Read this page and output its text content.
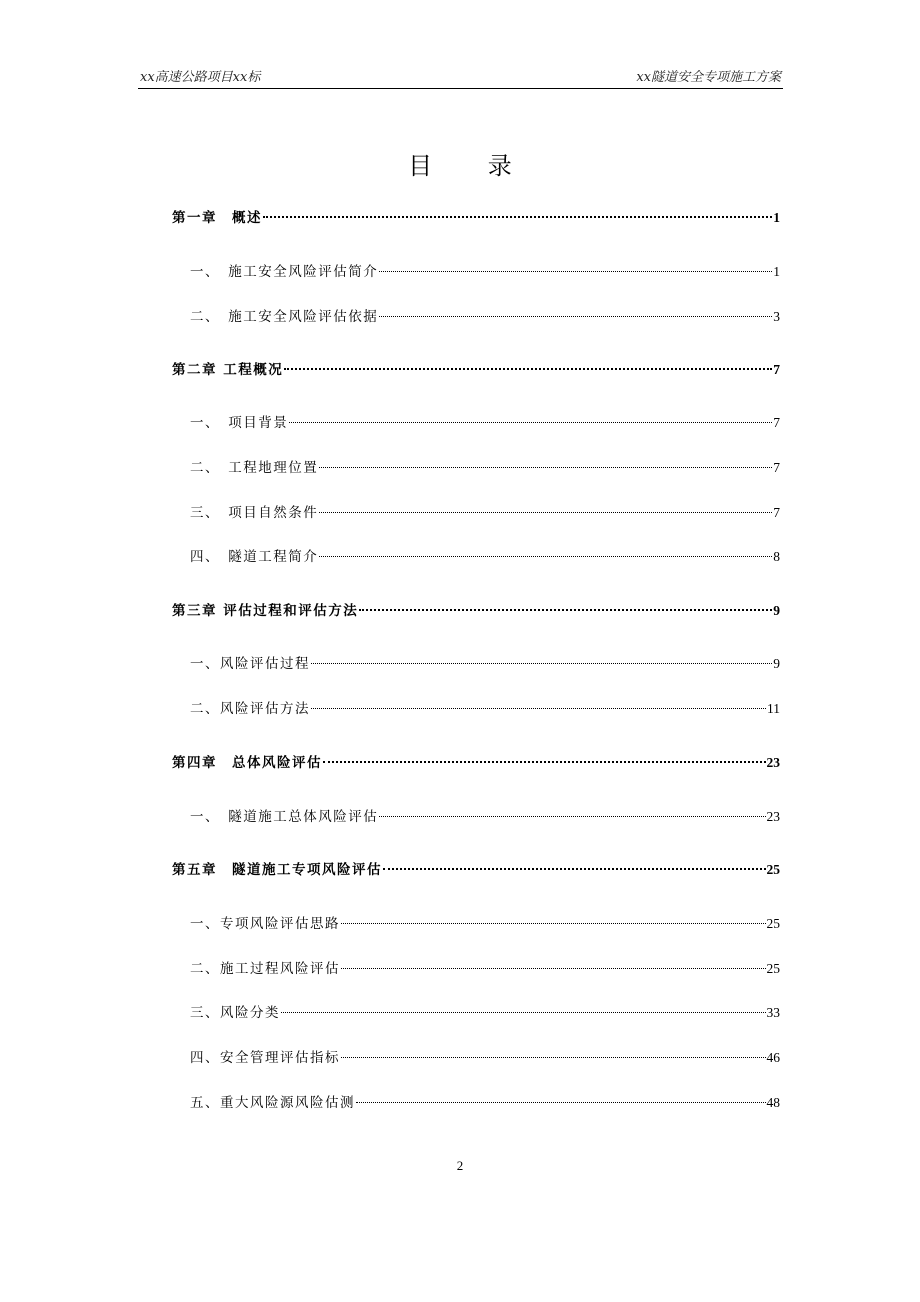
xx高速公路项目xx标	xx隧道安全专项施工方案
目 录
第一章　概述	1
一、　施工安全风险评估简介	1
二、　施工安全风险评估依据	3
第二章 工程概况	7
一、　项目背景	7
二、　工程地理位置	7
三、　项目自然条件	7
四、　隧道工程简介	8
第三章 评估过程和评估方法	9
一、风险评估过程	9
二、风险评估方法	11
第四章　总体风险评估	23
一、　隧道施工总体风险评估	23
第五章　隧道施工专项风险评估	25
一、专项风险评估思路	25
二、施工过程风险评估	25
三、风险分类	33
四、安全管理评估指标	46
五、重大风险源风险估测	48
2
